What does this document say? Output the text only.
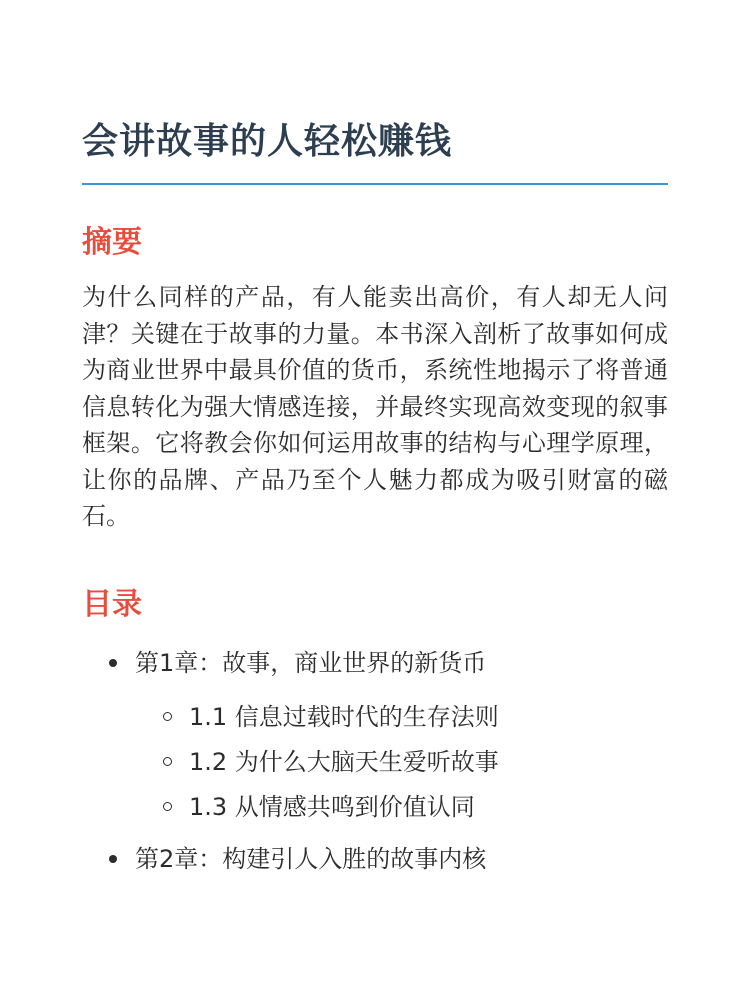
会讲故事的人轻松赚钱
摘要

为什么同样的产品，有人能卖出高价，有人却无人问津？关键在于故事的力量。本书深入剖析了故事如何成为商业世界中最具价值的货币，系统性地揭示了将普通信息转化为强大情感连接，并最终实现高效变现的叙事框架。它将教会你如何运用故事的结构与心理学原理，让你的品牌、产品乃至个人魅力都成为吸引财富的磁石。

目录
第1章：故事，商业世界的新货币
1.1 信息过载时代的生存法则
1.2 为什么大脑天生爱听故事
1.3 从情感共鸣到价值认同
第2章：构建引人入胜的故事内核
